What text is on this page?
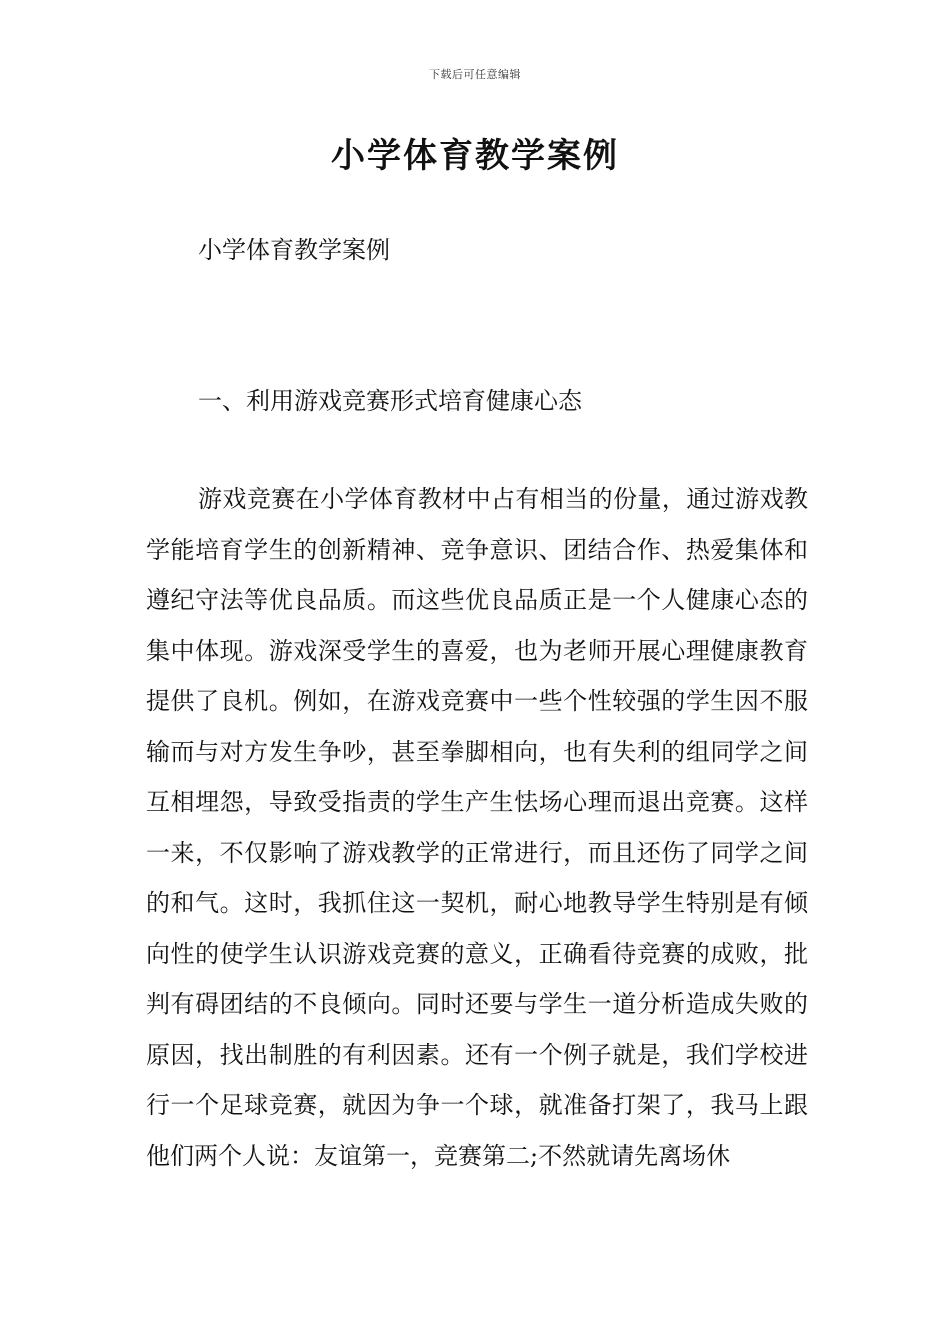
下载后可任意编辑
小学体育教学案例

小学体育教学案例

一、利用游戏竞赛形式培育健康心态

游戏竞赛在小学体育教材中占有相当的份量，通过游戏教学能培育学生的创新精神、竞争意识、团结合作、热爱集体和遵纪守法等优良品质。而这些优良品质正是一个人健康心态的集中体现。游戏深受学生的喜爱，也为老师开展心理健康教育提供了良机。例如，在游戏竞赛中一些个性较强的学生因不服输而与对方发生争吵，甚至拳脚相向，也有失利的组同学之间互相埋怨，导致受指责的学生产生怯场心理而退出竞赛。这样一来，不仅影响了游戏教学的正常进行，而且还伤了同学之间的和气。这时，我抓住这一契机，耐心地教导学生特别是有倾向性的使学生认识游戏竞赛的意义，正确看待竞赛的成败，批判有碍团结的不良倾向。同时还要与学生一道分析造成失败的原因，找出制胜的有利因素。还有一个例子就是，我们学校进行一个足球竞赛，就因为争一个球，就准备打架了，我马上跟他们两个人说：友谊第一，竞赛第二;不然就请先离场休
